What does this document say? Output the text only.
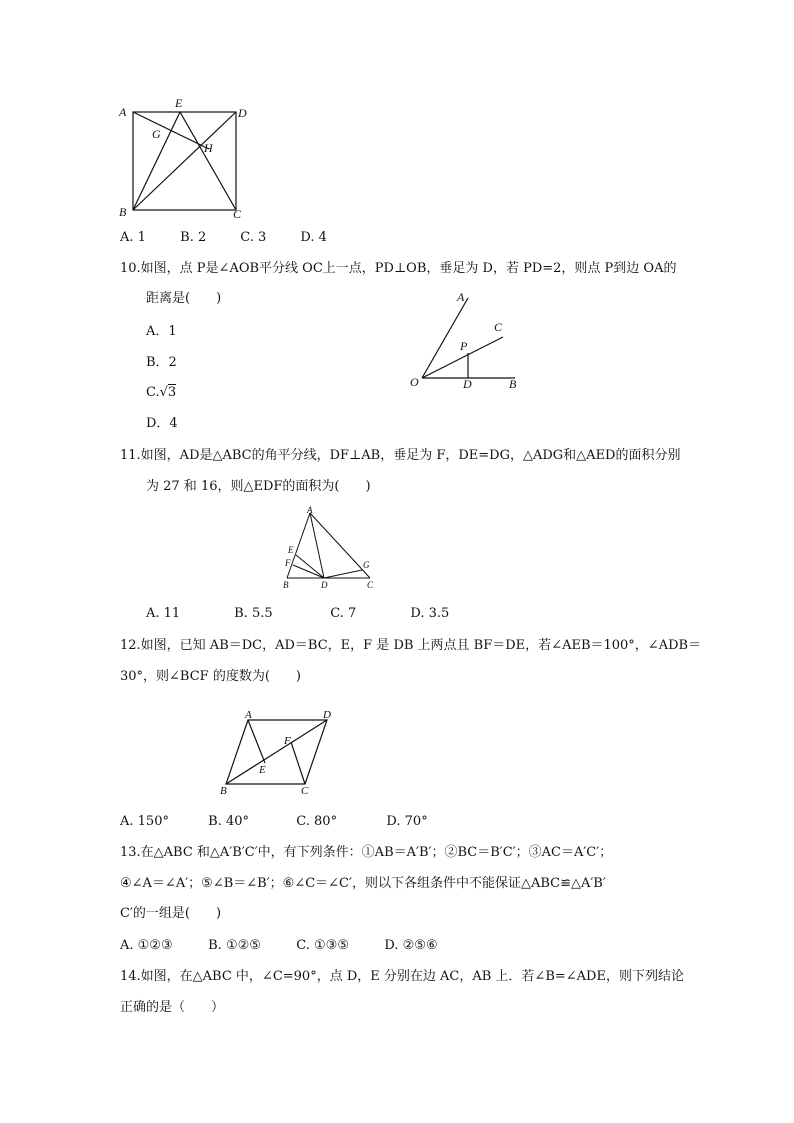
A
E
D
G
H
B	C
A. 1	B. 2	C. 3	D. 4
10.如图，点 P是∠AOB平分线 OC上一点，PD⊥OB，垂足为 D，若 PD=2，则点 P到边 OA的
距离是(　　)
A．1
B．2
C.√3
D．4
A
C
P
O	D	B
11.如图，AD是△ABC的角平分线，DF⊥AB，垂足为 F，DE=DG，△ADG和△AED的面积分别
为 27 和 16，则△EDF的面积为(　　)
A
E
F
B	D
G
C
A. 11	B. 5.5	C. 7	D. 3.5
12.如图，已知 AB＝DC，AD＝BC，E，F 是 DB 上两点且 BF＝DE，若∠AEB＝100°，∠ADB＝
30°，则∠BCF 的度数为(　　)
A	D
F
E
B	C
A. 150°	B. 40°	C. 80°	D. 70°
13.在△ABC 和△A′B′C′中，有下列条件：①AB＝A′B′；②BC＝B′C′；③AC＝A′C′；
④∠A＝∠A′；⑤∠B＝∠B′；⑥∠C＝∠C′，则以下各组条件中不能保证△ABC≌△A′B′
C′的一组是(　　)
A. ①②③	B. ①②⑤	C. ①③⑤	D. ②⑤⑥
14.如图，在△ABC 中，∠C=90°，点 D，E 分别在边 AC，AB 上．若∠B=∠ADE，则下列结论
正确的是（　　）
